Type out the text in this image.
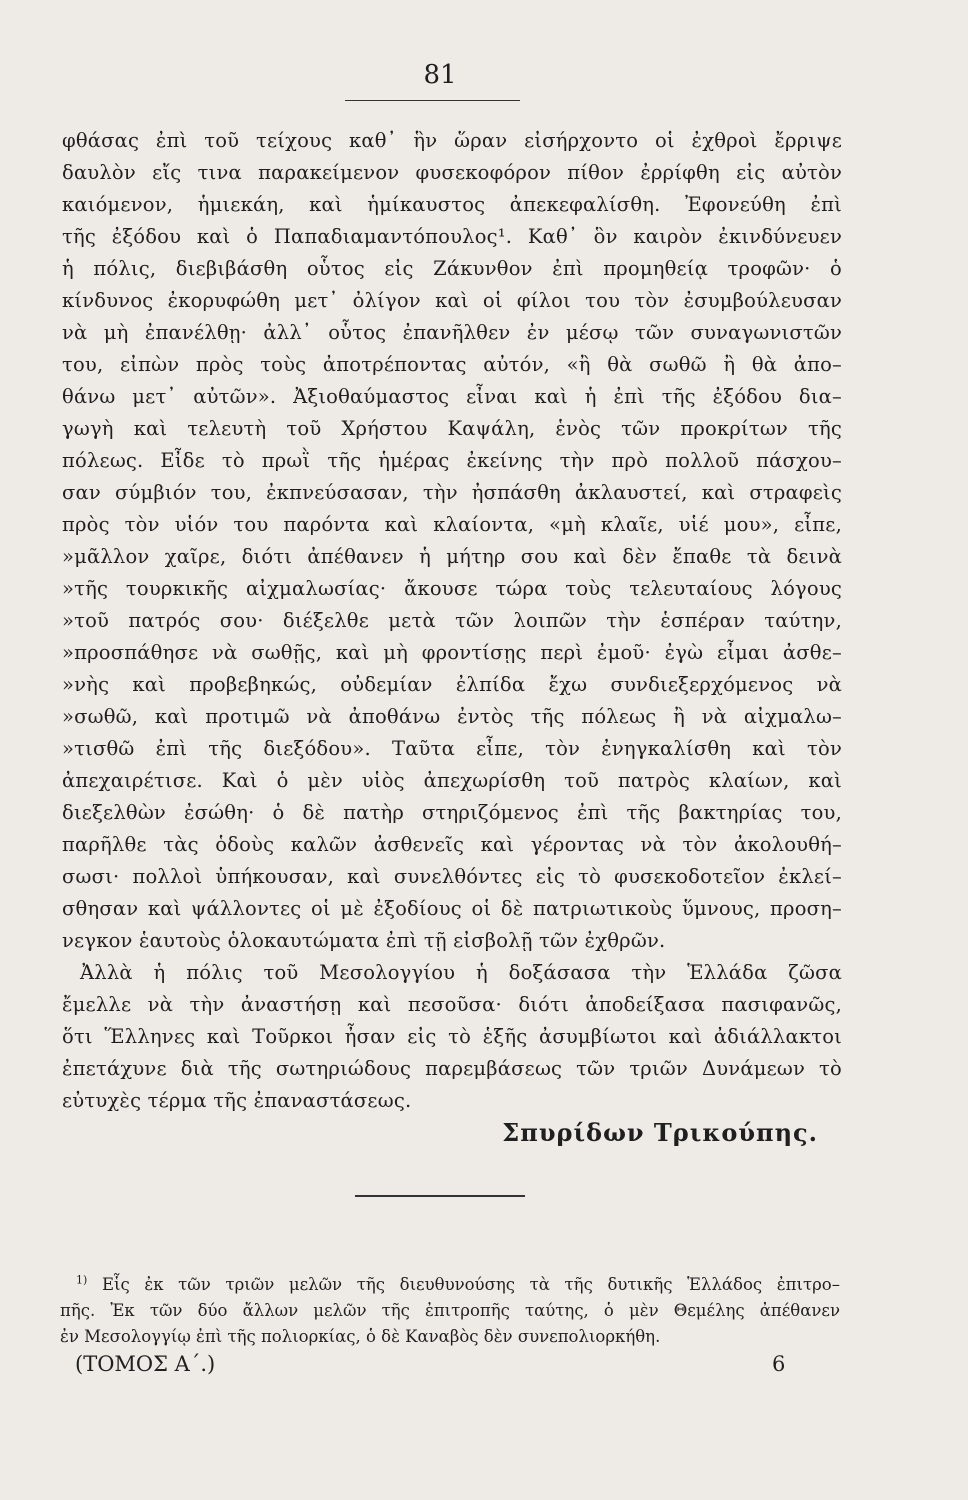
81
φθάσας ἐπὶ τοῦ τείχους καθ᾽ ἣν ὥραν εἰσήρχοντο οἱ ἐχθροὶ ἔρριψε
δαυλὸν εἴς τινα παρακείμενον φυσεκοφόρον πίθον ἐρρίφθη εἰς αὐτὸν
καιόμενον, ἡμιεκάη, καὶ ἡμίκαυστος ἀπεκεφαλίσθη. Ἐφονεύθη ἐπὶ
τῆς ἐξόδου καὶ ὁ Παπαδιαμαντόπουλος¹. Καθ᾽ ὃν καιρὸν ἐκινδύνευεν
ἡ πόλις, διεβιβάσθη οὗτος εἰς Ζάκυνθον ἐπὶ προμηθείᾳ τροφῶν· ὁ
κίνδυνος ἐκορυφώθη μετ᾽ ὀλίγον καὶ οἱ φίλοι του τὸν ἐσυμβούλευσαν
νὰ μὴ ἐπανέλθῃ· ἀλλ᾽ οὗτος ἐπανῆλθεν ἐν μέσῳ τῶν συναγωνιστῶν
του, εἰπὼν πρὸς τοὺς ἀποτρέποντας αὐτόν, «ἢ θὰ σωθῶ ἢ θὰ ἀπο–
θάνω μετ᾽ αὐτῶν». Ἀξιοθαύμαστος εἶναι καὶ ἡ ἐπὶ τῆς ἐξόδου δια–
γωγὴ καὶ τελευτὴ τοῦ Χρήστου Καψάλη, ἑνὸς τῶν προκρίτων τῆς
πόλεως. Εἶδε τὸ πρωῒ τῆς ἡμέρας ἐκείνης τὴν πρὸ πολλοῦ πάσχου–
σαν σύμβιόν του, ἐκπνεύσασαν, τὴν ἠσπάσθη ἀκλαυστεί, καὶ στραφεὶς
πρὸς τὸν υἱόν του παρόντα καὶ κλαίοντα, «μὴ κλαῖε, υἱέ μου», εἶπε,
»μᾶλλον χαῖρε, διότι ἀπέθανεν ἡ μήτηρ σου καὶ δὲν ἔπαθε τὰ δεινὰ
»τῆς τουρκικῆς αἰχμαλωσίας· ἄκουσε τώρα τοὺς τελευταίους λόγους
»τοῦ πατρός σου· διέξελθε μετὰ τῶν λοιπῶν τὴν ἑσπέραν ταύτην,
»προσπάθησε νὰ σωθῇς, καὶ μὴ φροντίσῃς περὶ ἐμοῦ· ἐγὼ εἶμαι ἀσθε–
»νὴς καὶ προβεβηκώς, οὐδεμίαν ἐλπίδα ἔχω συνδιεξερχόμενος νὰ
»σωθῶ, καὶ προτιμῶ νὰ ἀποθάνω ἐντὸς τῆς πόλεως ἢ νὰ αἰχμαλω–
»τισθῶ ἐπὶ τῆς διεξόδου». Ταῦτα εἶπε, τὸν ἐνηγκαλίσθη καὶ τὸν
ἀπεχαιρέτισε. Καὶ ὁ μὲν υἱὸς ἀπεχωρίσθη τοῦ πατρὸς κλαίων, καὶ
διεξελθὼν ἐσώθη· ὁ δὲ πατὴρ στηριζόμενος ἐπὶ τῆς βακτηρίας του,
παρῆλθε τὰς ὁδοὺς καλῶν ἀσθενεῖς καὶ γέροντας νὰ τὸν ἀκολουθή–
σωσι· πολλοὶ ὑπήκουσαν, καὶ συνελθόντες εἰς τὸ φυσεκοδοτεῖον ἐκλεί–
σθησαν καὶ ψάλλοντες οἱ μὲ ἐξοδίους οἱ δὲ πατριωτικοὺς ὕμνους, προση–
νεγκον ἑαυτοὺς ὁλοκαυτώματα ἐπὶ τῇ εἰσβολῇ τῶν ἐχθρῶν.
Ἀλλὰ ἡ πόλις τοῦ Μεσολογγίου ἡ δοξάσασα τὴν Ἑλλάδα ζῶσα
ἔμελλε νὰ τὴν ἀναστήσῃ καὶ πεσοῦσα· διότι ἀποδείξασα πασιφανῶς,
ὅτι Ἕλληνες καὶ Τοῦρκοι ἦσαν εἰς τὸ ἑξῆς ἀσυμβίωτοι καὶ ἀδιάλλακτοι
ἐπετάχυνε διὰ τῆς σωτηριώδους παρεμβάσεως τῶν τριῶν Δυνάμεων τὸ
εὐτυχὲς τέρμα τῆς ἐπαναστάσεως.
Σπυρίδων Τρικούπης.
$^{1)}$ Εἷς ἐκ τῶν τριῶν μελῶν τῆς διευθυνούσης τὰ τῆς δυτικῆς Ἑλλάδος ἐπιτρο–
πῆς. Ἐκ τῶν δύο ἄλλων μελῶν τῆς ἐπιτροπῆς ταύτης, ὁ μὲν Θεμέλης ἀπέθανεν
ἐν Μεσολογγίῳ ἐπὶ τῆς πολιορκίας, ὁ δὲ Καναβὸς δὲν συνεπολιορκήθη.
(ΤΟΜΟΣ Α΄.)	6
